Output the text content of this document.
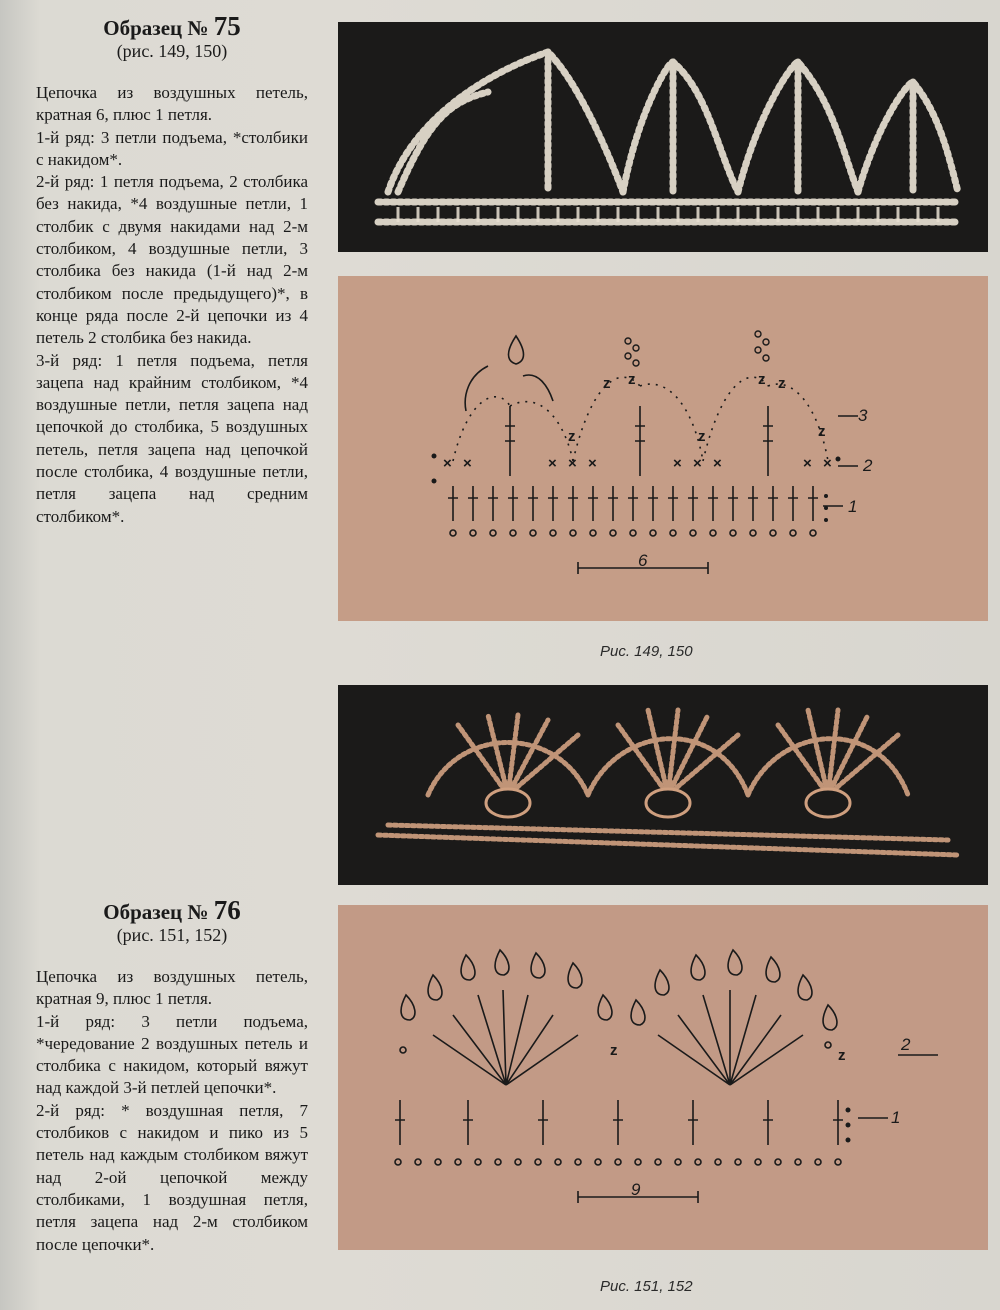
Образец № 75
(рис. 149, 150)

Цепочка из воздушных петель, кратная 6, плюс 1 петля.

1-й ряд: 3 петли подъема, *столбики с накидом*.

2-й ряд: 1 петля подъема, 2 столбика без накида, *4 воздушные петли, 1 столбик с двумя накидами над 2-м столбиком, 4 воздушные петли, 3 столбика без накида (1-й над 2-м столбиком после предыдущего)*, в конце ряда после 2-й цепочки из 4 петель 2 столбика без накида.

3-й ряд: 1 петля подъема, петля зацепа над крайним столбиком, *4 воздушные петли, петля зацепа над цепочкой до столбика, 5 воздушных петель, петля зацепа над цепочкой после столбика, 4 воздушные петли, петля зацепа над средним столбиком*.

Образец № 76
(рис. 151, 152)

Цепочка из воздушных петель, кратная 9, плюс 1 петля.

1-й ряд: 3 петли подъема, *чередование 2 воздушных петель и столбика с накидом, который вяжут над каждой 3-й петлей цепочки*.

2-й ряд: * воздушная петля, 7 столбиков с накидом и пико из 5 петель над каждым столбиком вяжут над 2-ой цепочкой между столбиками, 1 воздушная петля, петля зацепа над 2-м столбиком после цепочки*.

× ×	× × ×	× × ×	× ×
z
z z
z
z z
z
3
2
1
6
Рис. 149, 150
z	z
2
1
9
Рис. 151, 152
